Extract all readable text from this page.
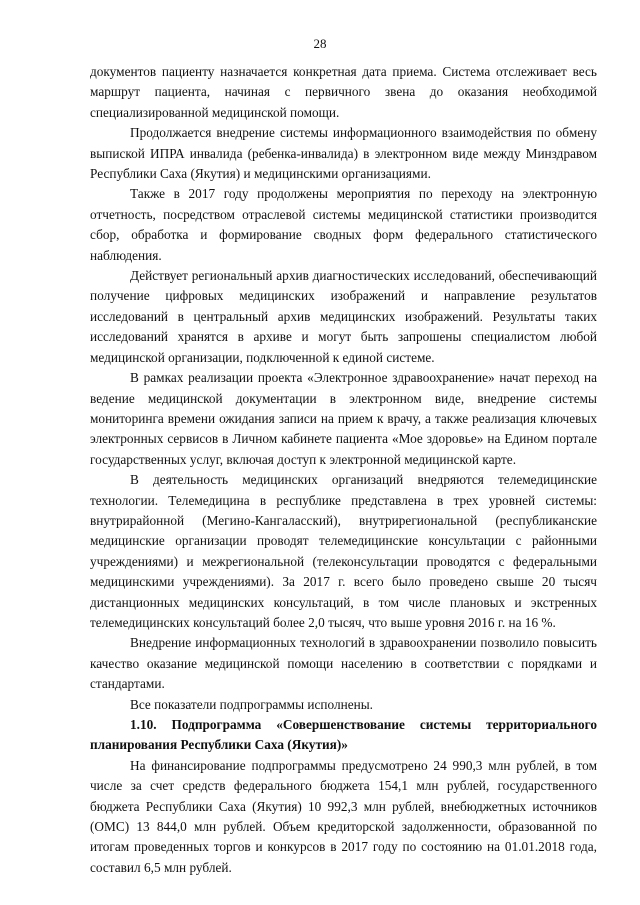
28

документов пациенту назначается конкретная дата приема. Система отслеживает весь маршрут пациента, начиная с первичного звена до оказания необходимой специализированной медицинской помощи.

Продолжается внедрение системы информационного взаимодействия по обмену выпиской ИПРА инвалида (ребенка-инвалида) в электронном виде между Минздравом Республики Саха (Якутия) и медицинскими организациями.

Также в 2017 году продолжены мероприятия по переходу на электронную отчетность, посредством отраслевой системы медицинской статистики производится сбор, обработка и формирование сводных форм федерального статистического наблюдения.

Действует региональный архив диагностических исследований, обеспечивающий получение цифровых медицинских изображений и направление результатов исследований в центральный архив медицинских изображений. Результаты таких исследований хранятся в архиве и могут быть запрошены специалистом любой медицинской организации, подключенной к единой системе.

В рамках реализации проекта «Электронное здравоохранение» начат переход на ведение медицинской документации в электронном виде, внедрение системы мониторинга времени ожидания записи на прием к врачу, а также реализация ключевых электронных сервисов в Личном кабинете пациента «Мое здоровье» на Едином портале государственных услуг, включая доступ к электронной медицинской карте.

В деятельность медицинских организаций внедряются телемедицинские технологии. Телемедицина в республике представлена в трех уровней системы: внутрирайонной (Мегино-Кангаласский), внутрирегиональной (республиканские медицинские организации проводят телемедицинские консультации с районными учреждениями) и межрегиональной (телеконсультации проводятся с федеральными медицинскими учреждениями). За 2017 г. всего было проведено свыше 20 тысяч дистанционных медицинских консультаций, в том числе плановых и экстренных телемедицинских консультаций более 2,0 тысяч, что выше уровня 2016 г. на 16 %.

Внедрение информационных технологий в здравоохранении позволило повысить качество оказание медицинской помощи населению в соответствии с порядками и стандартами.

Все показатели подпрограммы исполнены.

1.10. Подпрограмма «Совершенствование системы территориального планирования Республики Саха (Якутия)»

На финансирование подпрограммы предусмотрено 24 990,3 млн рублей, в том числе за счет средств федерального бюджета 154,1 млн рублей, государственного бюджета Республики Саха (Якутия) 10 992,3 млн рублей, внебюджетных источников (ОМС) 13 844,0 млн рублей. Объем кредиторской задолженности, образованной по итогам проведенных торгов и конкурсов в 2017 году по состоянию на 01.01.2018 года, составил 6,5 млн рублей.
